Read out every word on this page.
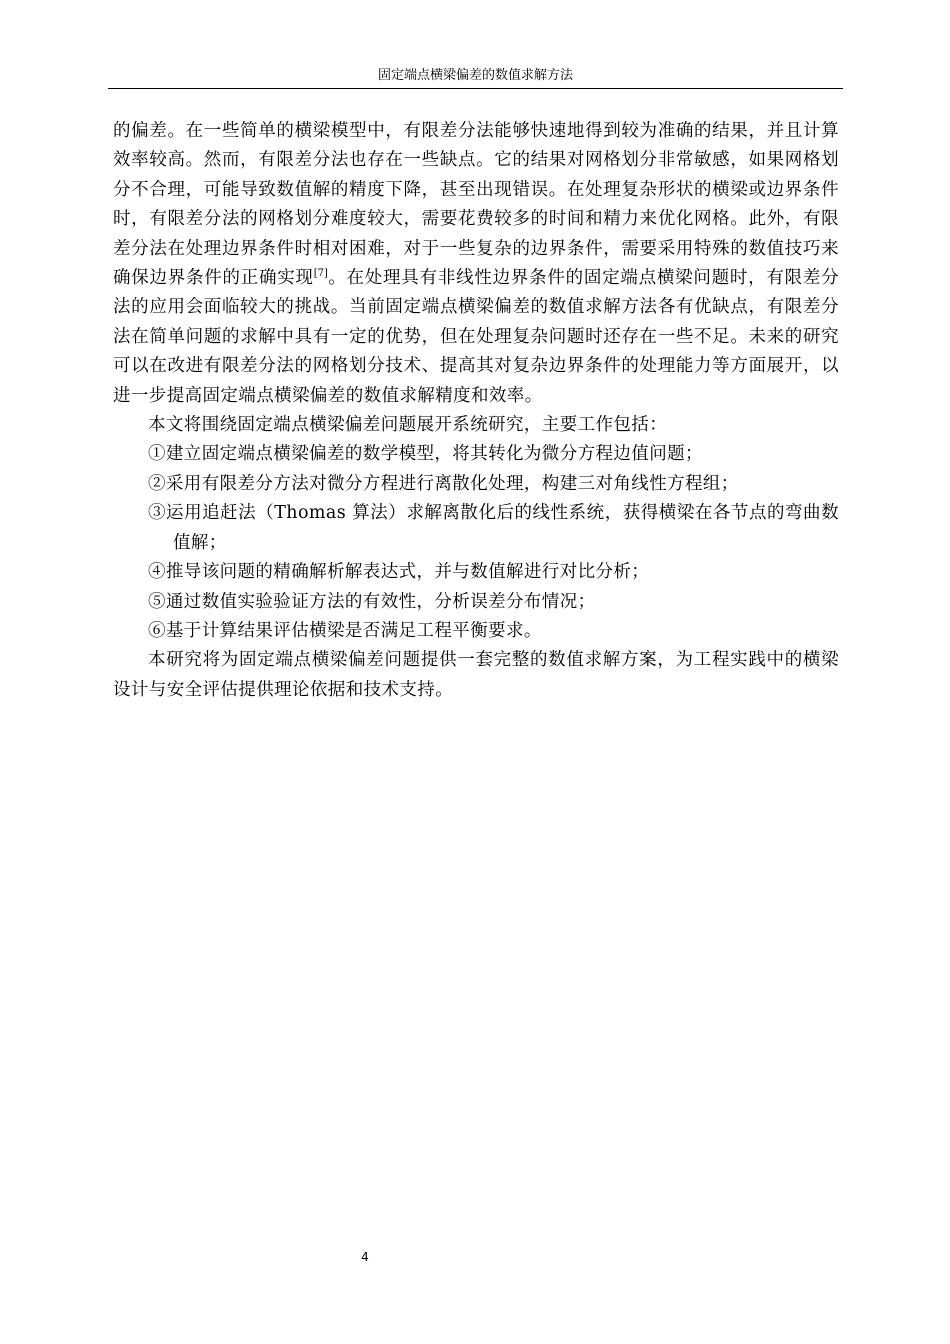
固定端点横梁偏差的数值求解方法

的偏差。在一些简单的横梁模型中，有限差分法能够快速地得到较为准确的结果，并且计算效率较高。然而，有限差分法也存在一些缺点。它的结果对网格划分非常敏感，如果网格划分不合理，可能导致数值解的精度下降，甚至出现错误。在处理复杂形状的横梁或边界条件时，有限差分法的网格划分难度较大，需要花费较多的时间和精力来优化网格。此外，有限差分法在处理边界条件时相对困难，对于一些复杂的边界条件，需要采用特殊的数值技巧来确保边界条件的正确实现[7]。在处理具有非线性边界条件的固定端点横梁问题时，有限差分法的应用会面临较大的挑战。当前固定端点横梁偏差的数值求解方法各有优缺点，有限差分法在简单问题的求解中具有一定的优势，但在处理复杂问题时还存在一些不足。未来的研究可以在改进有限差分法的网格划分技术、提高其对复杂边界条件的处理能力等方面展开，以进一步提高固定端点横梁偏差的数值求解精度和效率。

本文将围绕固定端点横梁偏差问题展开系统研究，主要工作包括：

①建立固定端点横梁偏差的数学模型，将其转化为微分方程边值问题；

②采用有限差分方法对微分方程进行离散化处理，构建三对角线性方程组；

③运用追赶法（Thomas 算法）求解离散化后的线性系统，获得横梁在各节点的弯曲数值解；

④推导该问题的精确解析解表达式，并与数值解进行对比分析；

⑤通过数值实验验证方法的有效性，分析误差分布情况；

⑥基于计算结果评估横梁是否满足工程平衡要求。

本研究将为固定端点横梁偏差问题提供一套完整的数值求解方案，为工程实践中的横梁设计与安全评估提供理论依据和技术支持。

4
